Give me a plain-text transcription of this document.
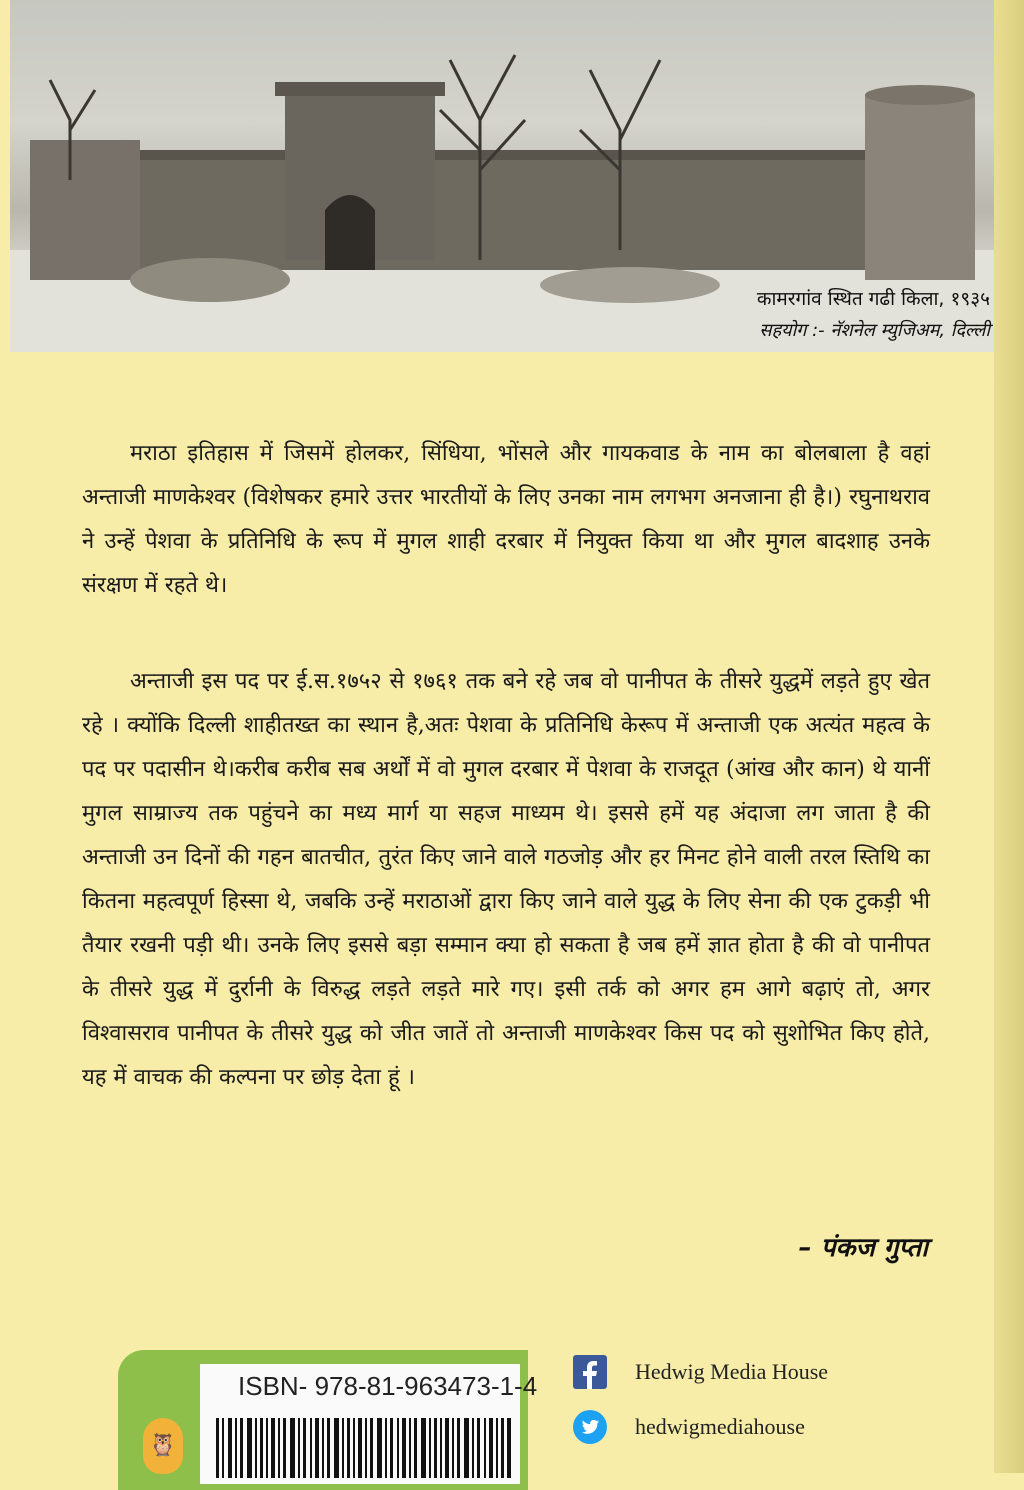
कामरगांव स्थित गढी किला, १९३५
सहयोग :- नॅशनेल म्युजिअम, दिल्ली

मराठा इतिहास में जिसमें होलकर, सिंधिया, भोंसले और गायकवाड के नाम का बोलबाला है वहां अन्ताजी माणकेश्वर (विशेषकर हमारे उत्तर भारतीयों के लिए उनका नाम लगभग अनजाना ही है।) रघुनाथराव ने उन्हें पेशवा के प्रतिनिधि के रूप में मुगल शाही दरबार में नियुक्त किया था और मुगल बादशाह उनके संरक्षण में रहते थे।

अन्ताजी इस पद पर ई.स.१७५२ से १७६१ तक बने रहे जब वो पानीपत के तीसरे युद्धमें लड़ते हुए खेत रहे । क्योंकि दिल्ली शाहीतख्त का स्थान है,अतः पेशवा के प्रतिनिधि केरूप में अन्ताजी एक अत्यंत महत्व के पद पर पदासीन थे।करीब करीब सब अर्थों में वो मुगल दरबार में पेशवा के राजदूत (आंख और कान) थे यानीं मुगल साम्राज्य तक पहुंचने का मध्य मार्ग या सहज माध्यम थे। इससे हमें यह अंदाजा लग जाता है की अन्ताजी उन दिनों की गहन बातचीत, तुरंत किए जाने वाले गठजोड़ और हर मिनट होने वाली तरल स्तिथि का कितना महत्वपूर्ण हिस्सा थे, जबकि उन्हें मराठाओं द्वारा किए जाने वाले युद्ध के लिए सेना की एक टुकड़ी भी तैयार रखनी पड़ी थी। उनके लिए इससे बड़ा सम्मान क्या हो सकता है जब हमें ज्ञात होता है की वो पानीपत के तीसरे युद्ध में दुर्रानी के विरुद्ध लड़ते लड़ते मारे गए। इसी तर्क को अगर हम आगे बढ़ाएं तो, अगर विश्वासराव पानीपत के तीसरे युद्ध को जीत जातें तो अन्ताजी माणकेश्वर किस पद को सुशोभित किए होते, यह में वाचक की कल्पना पर छोड़ देता हूं ।

– पंकज गुप्ता
🦉
ISBN- 978-81-963473-1-4	Hedwig Media House
hedwigmediahouse
